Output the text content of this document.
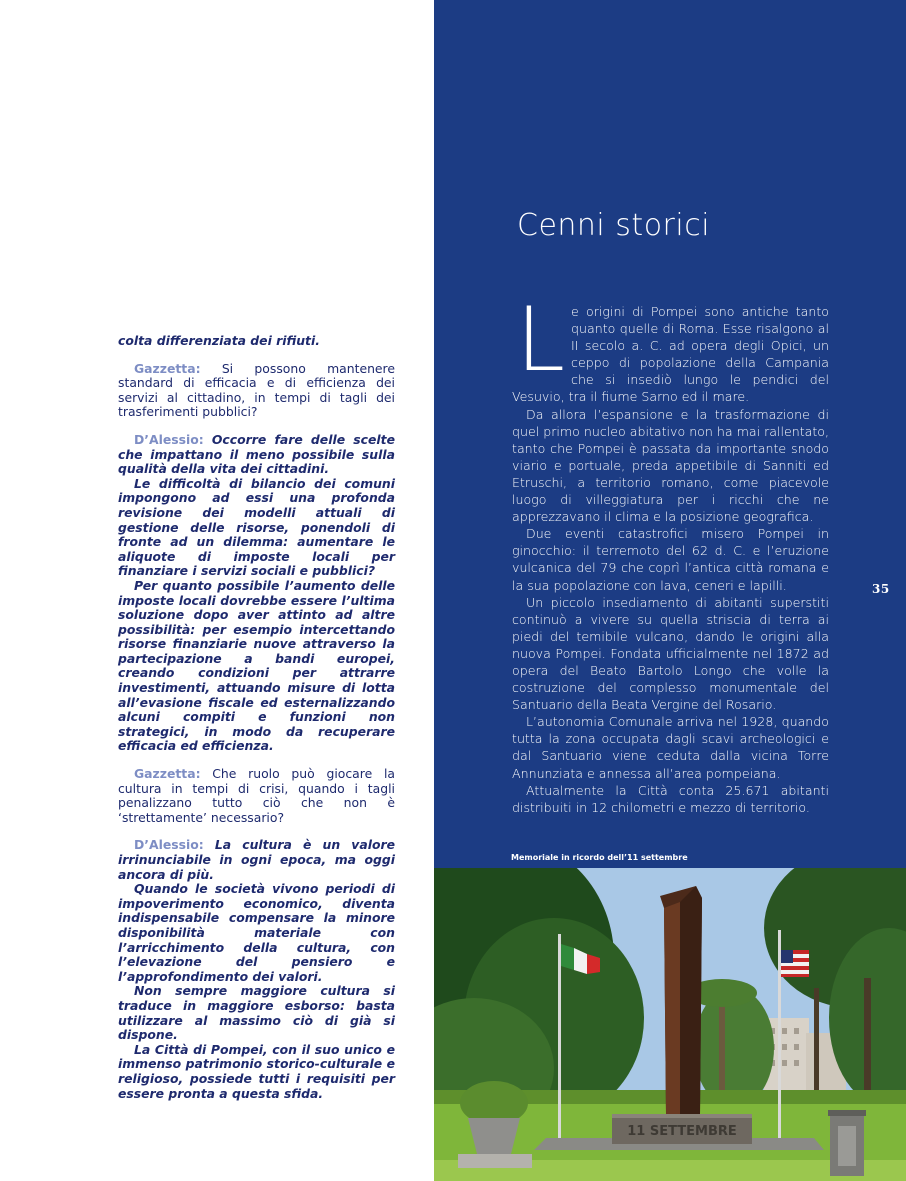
colta differenziata dei rifiuti.

Gazzetta: Si possono mantenere standard di efficacia e di efficienza dei servizi al cittadino, in tempi di tagli dei trasferimenti pubblici?

D’Alessio: Occorre fare delle scelte che impattano il meno possibile sulla qualità della vita dei cittadini.

Le difficoltà di bilancio dei comuni impongono ad essi una profonda revisione dei modelli attuali di gestione delle risorse, ponendoli di fronte ad un dilemma: aumentare le aliquote di imposte locali per finanziare i servizi sociali e pubblici?

Per quanto possibile l’aumento delle imposte locali dovrebbe essere l’ultima soluzione dopo aver attinto ad altre possibilità: per esempio intercettando risorse finanziarie nuove attraverso la partecipazione a bandi europei, creando condizioni per attrarre investimenti, attuando misure di lotta all’evasione fiscale ed esternalizzando alcuni compiti e funzioni non strategici, in modo da recuperare efficacia ed efficienza.

Gazzetta: Che ruolo può giocare la cultura in tempi di crisi, quando i tagli penalizzano tutto ciò che non è ‘strettamente’ necessario?

D’Alessio: La cultura è un valore irrinunciabile in ogni epoca, ma oggi ancora di più.

Quando le società vivono periodi di impoverimento economico, diventa indispensabile compensare la minore disponibilità materiale con l’arricchimento della cultura, con l’elevazione del pensiero e l’approfondimento dei valori.

Non sempre maggiore cultura si traduce in maggiore esborso: basta utilizzare al massimo ciò di già si dispone.

La Città di Pompei, con il suo unico e immenso patrimonio storico-culturale e religioso, possiede tutti i requisiti per essere pronta a questa sfida.

Cenni storici

Le origini di Pompei sono antiche tanto quanto quelle di Roma. Esse risalgono al II secolo a. C. ad opera degli Opici, un ceppo di popolazione della Campania che si insediò lungo le pendici del Vesuvio, tra il fiume Sarno ed il mare.

Da allora l’espansione e la trasformazione di quel primo nucleo abitativo non ha mai rallentato, tanto che Pompei è passata da importante snodo viario e portuale, preda appetibile di Sanniti ed Etruschi, a territorio romano, come piacevole luogo di villeggiatura per i ricchi che ne apprezzavano il clima e la posizione geografica.

Due eventi catastrofici misero Pompei in ginocchio: il terremoto del 62 d. C. e l’eruzione vulcanica del 79 che coprì l’antica città romana e la sua popolazione con lava, ceneri e lapilli.

Un piccolo insediamento di abitanti superstiti continuò a vivere su quella striscia di terra ai piedi del temibile vulcano, dando le origini alla nuova Pompei. Fondata ufficialmente nel 1872 ad opera del Beato Bartolo Longo che volle la costruzione del complesso monumentale del Santuario della Beata Vergine del Rosario.

L’autonomia Comunale arriva nel 1928, quando tutta la zona occupata dagli scavi archeologici e dal Santuario viene ceduta dalla vicina Torre Annunziata e annessa all’area pompeiana.

Attualmente la Città conta 25.671 abitanti distribuiti in 12 chilometri e mezzo di territorio.

35
Memoriale in ricordo dell’11 settembre
11 SETTEMBRE
